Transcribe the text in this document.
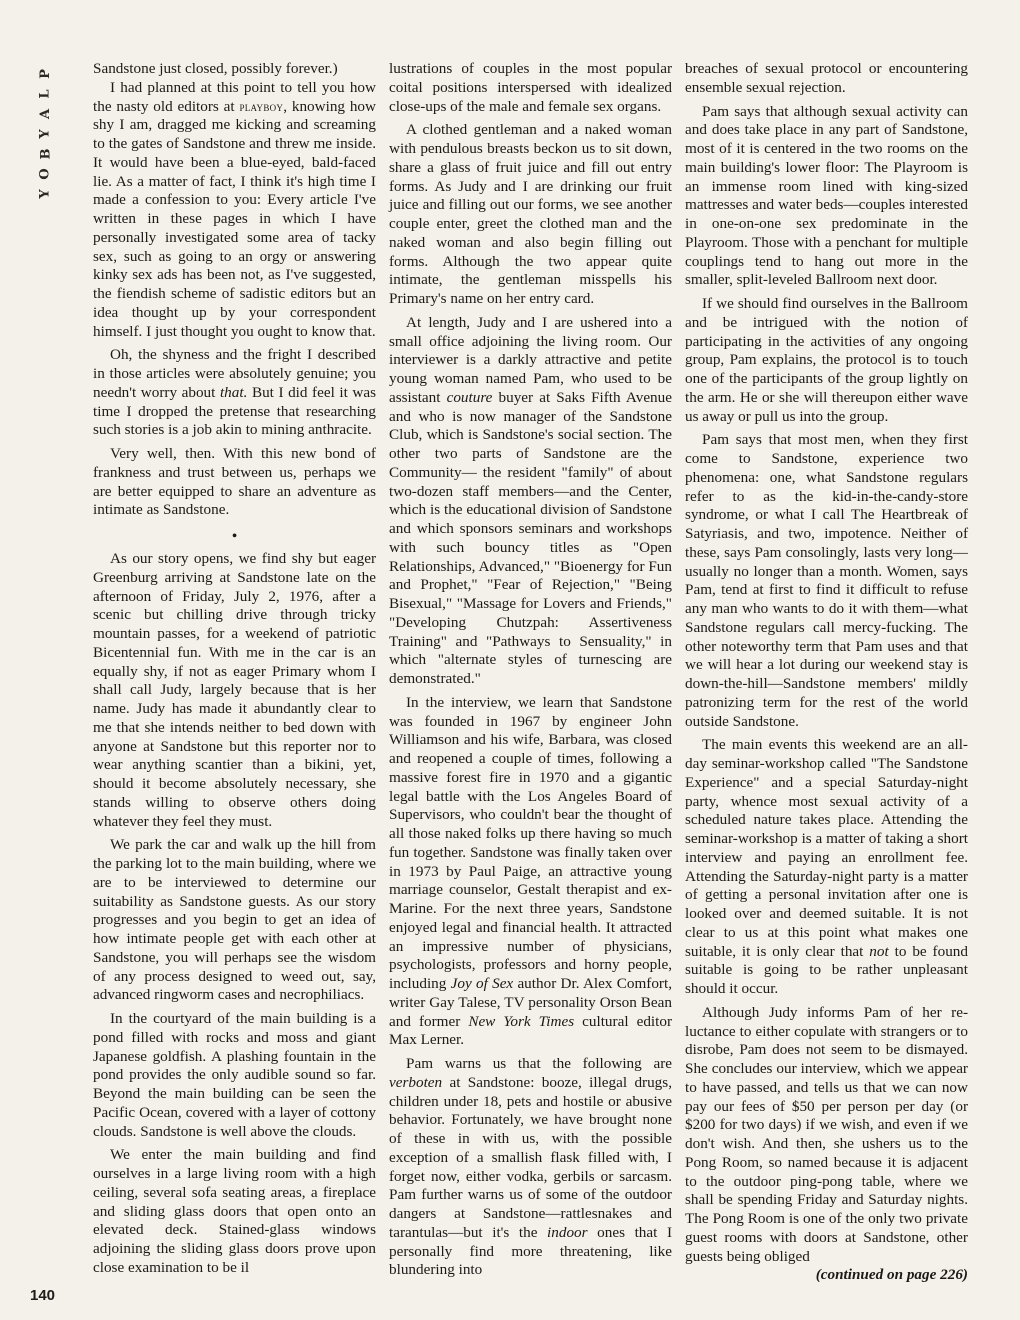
P
L
A
Y
B
O
Y

Sandstone just closed, possibly forever.)

I had planned at this point to tell you how the nasty old editors at playboy, knowing how shy I am, dragged me kicking and screaming to the gates of Sandstone and threw me inside. It would have been a blue-eyed, bald-faced lie. As a matter of fact, I think it's high time I made a confession to you: Every article I've written in these pages in which I have personally investigated some area of tacky sex, such as going to an orgy or answering kinky sex ads has been not, as I've suggested, the fiendish scheme of sadistic editors but an idea thought up by your correspondent himself. I just thought you ought to know that.

Oh, the shyness and the fright I described in those articles were absolutely genuine; you needn't worry about that. But I did feel it was time I dropped the pretense that researching such stories is a job akin to mining anthracite.

Very well, then. With this new bond of frankness and trust between us, perhaps we are better equipped to share an adventure as intimate as Sandstone.

•

As our story opens, we find shy but eager Greenburg arriving at Sandstone late on the afternoon of Friday, July 2, 1976, after a scenic but chilling drive through tricky mountain passes, for a weekend of patriotic Bicentennial fun. With me in the car is an equally shy, if not as eager Primary whom I shall call Judy, largely because that is her name. Judy has made it abundantly clear to me that she intends neither to bed down with anyone at Sandstone but this reporter nor to wear anything scantier than a bikini, yet, should it become absolutely necessary, she stands willing to observe others doing whatever they feel they must.

We park the car and walk up the hill from the parking lot to the main building, where we are to be interviewed to determine our suitability as Sandstone guests. As our story progresses and you begin to get an idea of how intimate people get with each other at Sandstone, you will perhaps see the wisdom of any process designed to weed out, say, advanced ringworm cases and necrophiliacs.

In the courtyard of the main building is a pond filled with rocks and moss and giant Japanese goldfish. A plashing fountain in the pond provides the only audible sound so far. Beyond the main building can be seen the Pacific Ocean, covered with a layer of cottony clouds. Sandstone is well above the clouds.

We enter the main building and find ourselves in a large living room with a high ceiling, several sofa seating areas, a fireplace and sliding glass doors that open onto an elevated deck. Stained-glass windows adjoining the sliding glass doors prove upon close examination to be il

lustrations of couples in the most popular coital positions interspersed with idealized close-ups of the male and female sex organs.

A clothed gentleman and a naked woman with pendulous breasts beckon us to sit down, share a glass of fruit juice and fill out entry forms. As Judy and I are drinking our fruit juice and filling out our forms, we see another couple enter, greet the clothed man and the naked woman and also begin filling out forms. Although the two appear quite intimate, the gentleman misspells his Primary's name on her entry card.

At length, Judy and I are ushered into a small office adjoining the living room. Our interviewer is a darkly attractive and petite young woman named Pam, who used to be assistant couture buyer at Saks Fifth Avenue and who is now manager of the Sandstone Club, which is Sandstone's social section. The other two parts of Sandstone are the Community— the resident "family" of about two-dozen staff members—and the Center, which is the educational division of Sandstone and which sponsors seminars and workshops with such bouncy titles as "Open Relationships, Advanced," "Bioenergy for Fun and Prophet," "Fear of Rejection," "Being Bisexual," "Massage for Lovers and Friends," "Developing Chutzpah: Assertiveness Training" and "Pathways to Sensuality," in which "alternate styles of turnescing are demonstrated."

In the interview, we learn that Sandstone was founded in 1967 by engineer John Williamson and his wife, Barbara, was closed and reopened a couple of times, following a massive forest fire in 1970 and a gigantic legal battle with the Los Angeles Board of Supervisors, who couldn't bear the thought of all those naked folks up there having so much fun together. Sandstone was finally taken over in 1973 by Paul Paige, an attractive young marriage counselor, Gestalt therapist and ex-Marine. For the next three years, Sandstone enjoyed legal and financial health. It attracted an impressive number of physicians, psychologists, professors and horny people, including Joy of Sex author Dr. Alex Comfort, writer Gay Talese, TV personality Orson Bean and former New York Times cultural editor Max Lerner.

Pam warns us that the following are verboten at Sandstone: booze, illegal drugs, children under 18, pets and hostile or abusive behavior. Fortunately, we have brought none of these in with us, with the possible exception of a smallish flask filled with, I forget now, either vodka, gerbils or sarcasm. Pam further warns us of some of the outdoor dangers at Sandstone—rattlesnakes and tarantulas—but it's the indoor ones that I personally find more threatening, like blundering into

breaches of sexual protocol or encountering ensemble sexual rejection.

Pam says that although sexual activity can and does take place in any part of Sandstone, most of it is centered in the two rooms on the main building's lower floor: The Playroom is an immense room lined with king-sized mattresses and water beds—couples interested in one-on-one sex predominate in the Playroom. Those with a penchant for multiple couplings tend to hang out more in the smaller, split-leveled Ballroom next door.

If we should find ourselves in the Ballroom and be intrigued with the notion of participating in the activities of any ongoing group, Pam explains, the protocol is to touch one of the participants of the group lightly on the arm. He or she will thereupon either wave us away or pull us into the group.

Pam says that most men, when they first come to Sandstone, experience two phenomena: one, what Sandstone regulars refer to as the kid-in-the-candy-store syndrome, or what I call The Heartbreak of Satyriasis, and two, impotence. Neither of these, says Pam consolingly, lasts very long—usually no longer than a month. Women, says Pam, tend at first to find it difficult to refuse any man who wants to do it with them—what Sandstone regulars call mercy-fucking. The other noteworthy term that Pam uses and that we will hear a lot during our weekend stay is down-the-hill—Sandstone members' mildly patronizing term for the rest of the world outside Sandstone.

The main events this weekend are an all-day seminar-workshop called "The Sandstone Experience" and a special Saturday-night party, whence most sexual activity of a scheduled nature takes place. Attending the seminar-workshop is a matter of taking a short interview and paying an enrollment fee. Attending the Saturday-night party is a matter of getting a personal invitation after one is looked over and deemed suitable. It is not clear to us at this point what makes one suitable, it is only clear that not to be found suitable is going to be rather unpleasant should it occur.

Although Judy informs Pam of her reluctance to either copulate with strangers or to disrobe, Pam does not seem to be dismayed. She concludes our interview, which we appear to have passed, and tells us that we can now pay our fees of $50 per person per day (or $200 for two days) if we wish, and even if we don't wish. And then, she ushers us to the Pong Room, so named because it is adjacent to the outdoor ping-pong table, where we shall be spending Friday and Saturday nights. The Pong Room is one of the only two private guest rooms with doors at Sandstone, other guests being obliged

(continued on page 226)

140
